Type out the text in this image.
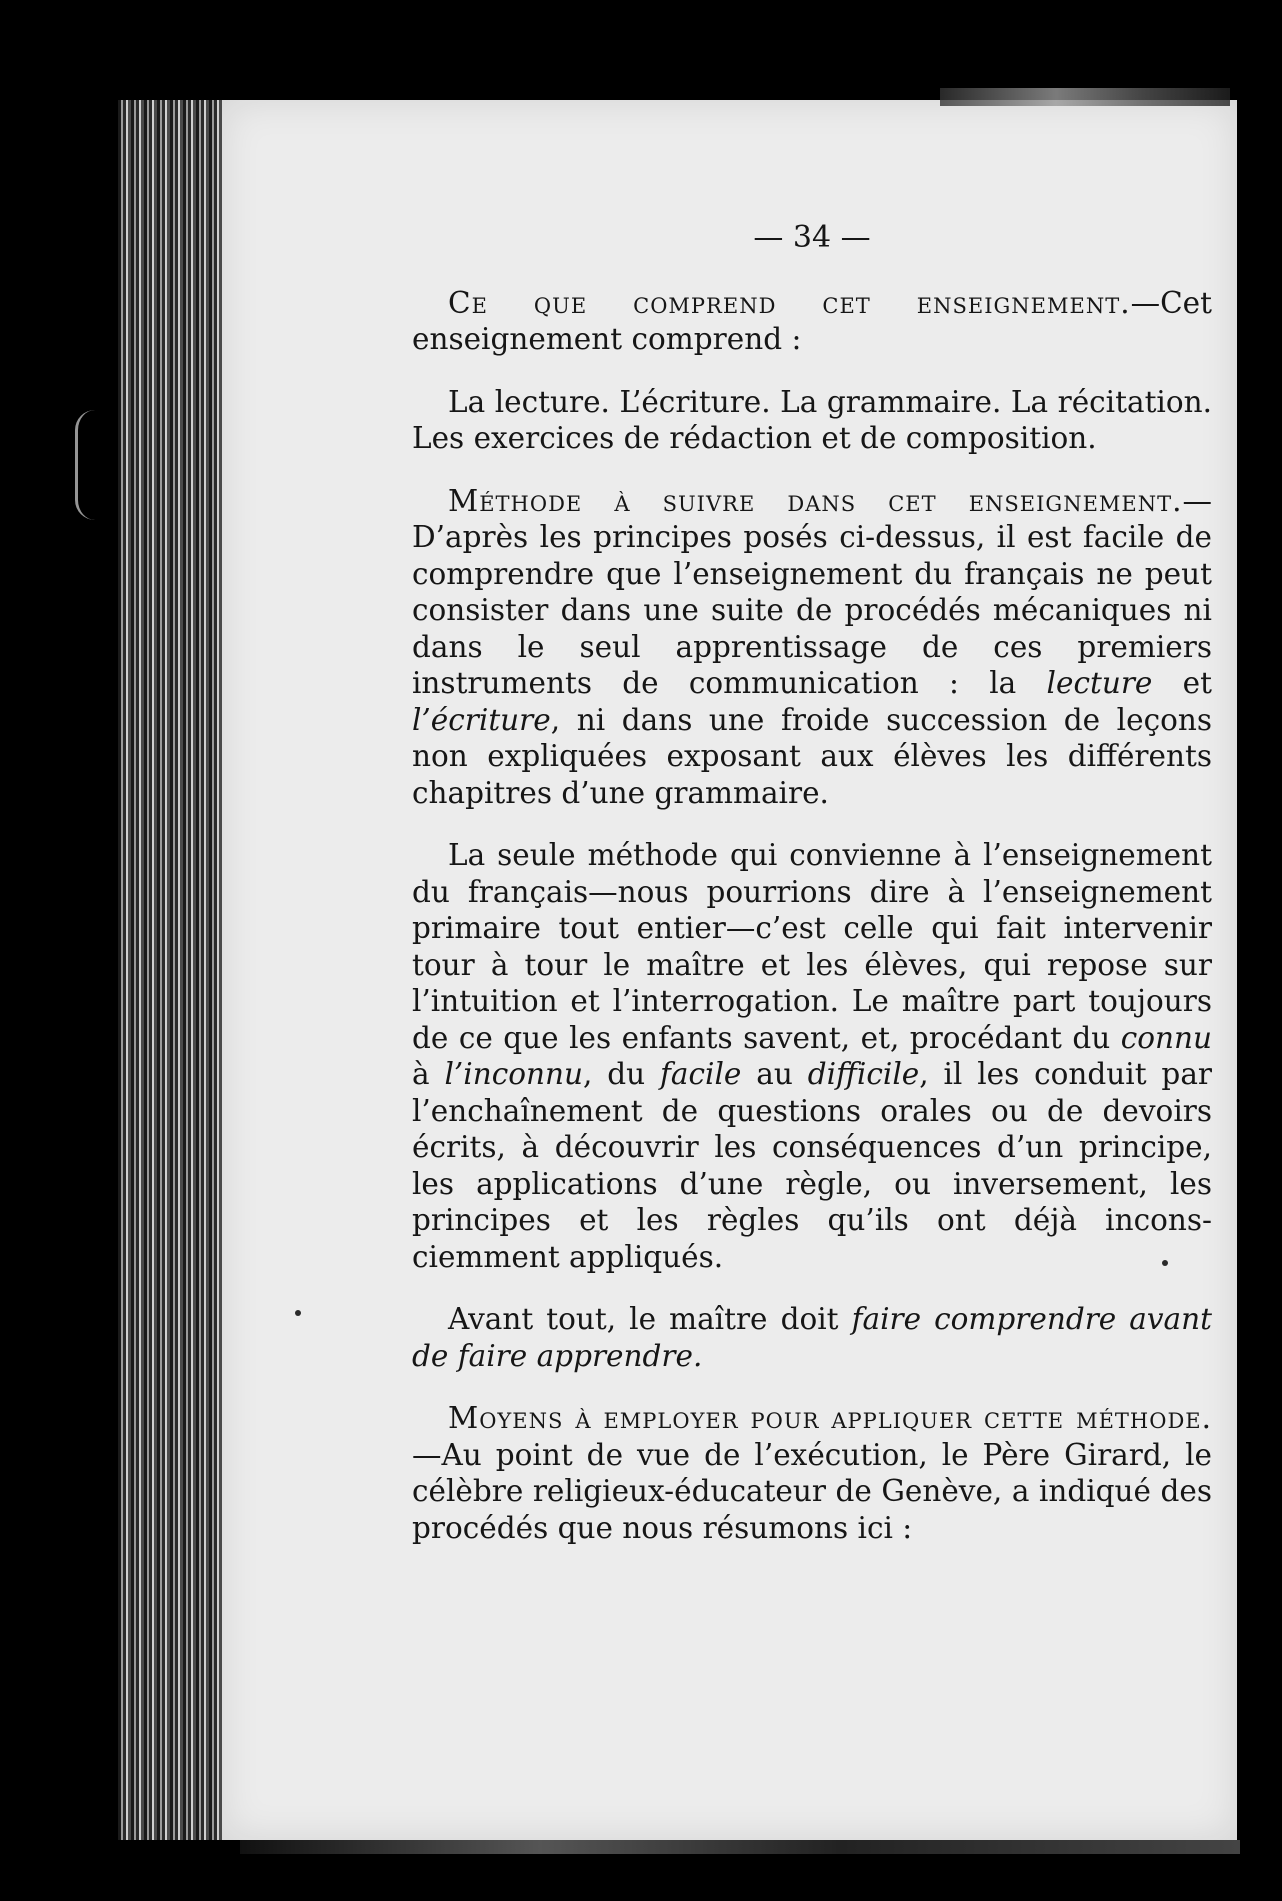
— 34 —

Ce que comprend cet enseignement.—Cet enseignement comprend :

La lecture. L’écriture. La grammaire. La récitation. Les exercices de rédaction et de composition.

Méthode à suivre dans cet enseignement.—D’après les principes posés ci-dessus, il est facile de comprendre que l’enseignement du français ne peut consister dans une suite de procédés mécaniques ni dans le seul apprentissage de ces premiers instruments de communication : la lecture et l’écriture, ni dans une froide succession de leçons non expliquées exposant aux élèves les différents chapitres d’une grammaire.

La seule méthode qui convienne à l’enseignement du français—nous pourrions dire à l’enseignement primaire tout entier—c’est celle qui fait intervenir tour à tour le maître et les élèves, qui repose sur l’intuition et l’interrogation. Le maître part toujours de ce que les enfants savent, et, procédant du connu à l’inconnu, du facile au difficile, il les conduit par l’enchaînement de questions orales ou de devoirs écrits, à découvrir les conséquences d’un principe, les applications d’une règle, ou inversement, les principes et les règles qu’ils ont déjà inconsciemment appliqués.

Avant tout, le maître doit faire comprendre avant de faire apprendre.

Moyens à employer pour appliquer cette méthode.—Au point de vue de l’exécution, le Père Girard, le célèbre religieux-éducateur de Genève, a indiqué des procédés que nous résumons ici :
